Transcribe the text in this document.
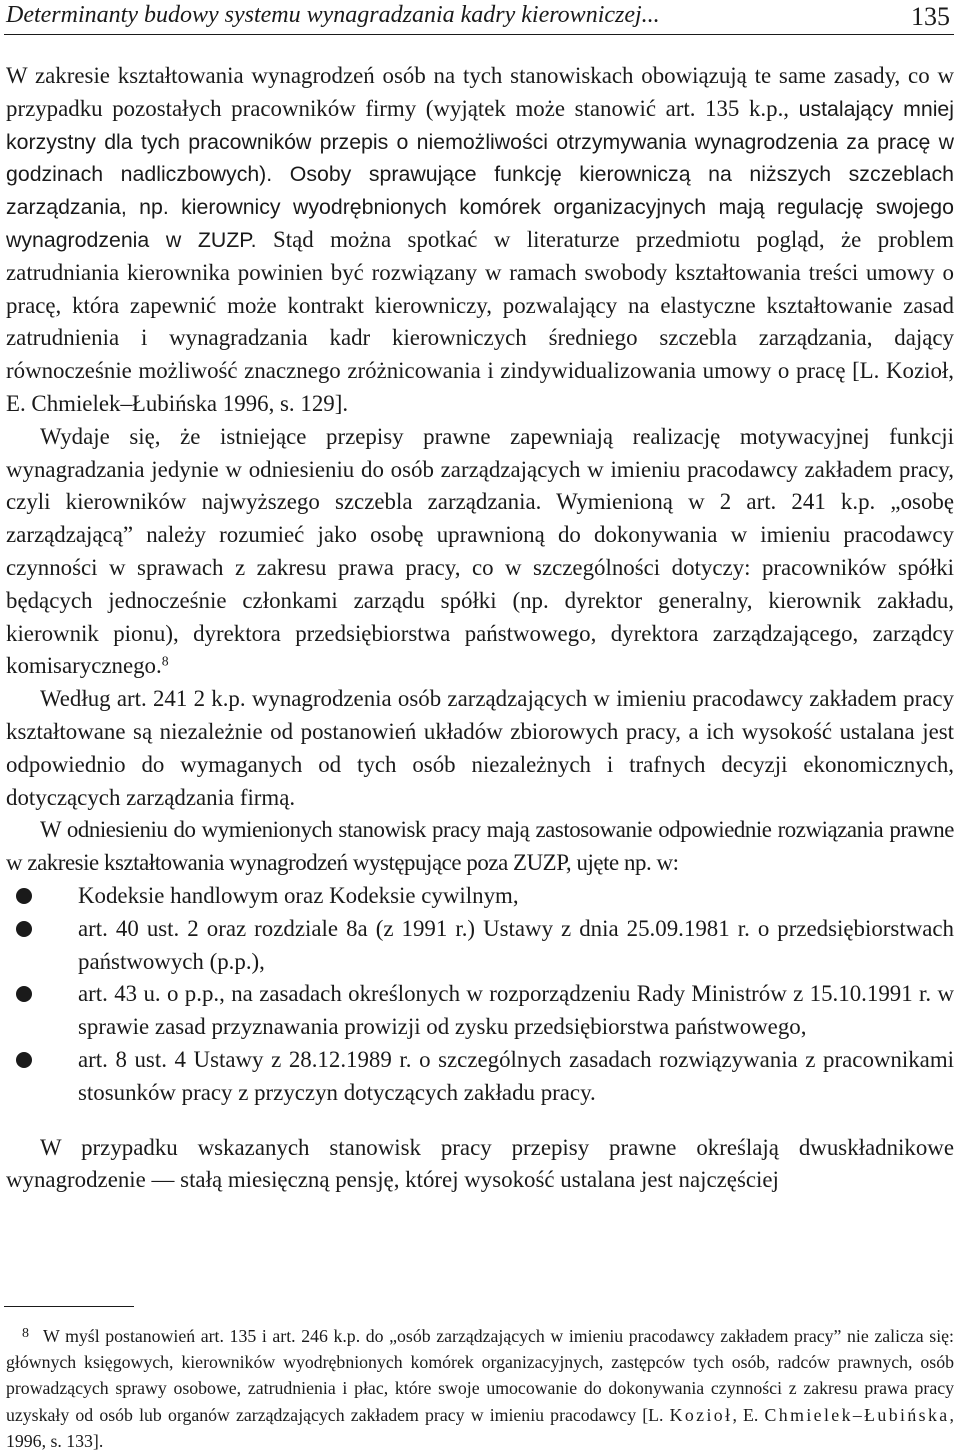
Determinanty budowy systemu wynagradzania kadry kierowniczej...	135

W zakresie kształtowania wynagrodzeń osób na tych stanowiskach obowiązują te same zasady, co w przypadku pozostałych pracowników firmy (wyjątek może stanowić art. 135 k.p., ustalający mniej korzystny dla tych pracowników przepis o niemożliwości otrzymywania wynagrodzenia za pracę w godzinach nadliczbowych). Osoby sprawujące funkcję kierowniczą na niższych szczeblach zarządzania, np. kierownicy wyodrębnionych komórek organizacyjnych mają regulację swojego wynagrodzenia w ZUZP. Stąd można spotkać w literaturze przedmiotu pogląd, że problem zatrudniania kierownika powinien być rozwiązany w ramach swobody kształtowania treści umowy o pracę, która zapewnić może kontrakt kierowniczy, pozwalający na elastyczne kształtowanie zasad zatrudnienia i wynagradzania kadr kierowniczych średniego szczebla zarządzania, dający równocześnie możliwość znacznego zróżnicowania i zindywidualizowania umowy o pracę [L. Kozioł, E. Chmielek–Łubińska 1996, s. 129].

Wydaje się, że istniejące przepisy prawne zapewniają realizację motywacyjnej funkcji wynagradzania jedynie w odniesieniu do osób zarządzających w imieniu pracodawcy zakładem pracy, czyli kierowników najwyższego szczebla zarządzania. Wymienioną w 2 art. 241 k.p. „osobę zarządzającą” należy rozumieć jako osobę uprawnioną do dokonywania w imieniu pracodawcy czynności w sprawach z zakresu prawa pracy, co w szczególności dotyczy: pracowników spółki będących jednocześnie członkami zarządu spółki (np. dyrektor generalny, kierownik zakładu, kierownik pionu), dyrektora przedsiębiorstwa państwowego, dyrektora zarządzającego, zarządcy komisarycznego.$^8$

Według art. 241 2 k.p. wynagrodzenia osób zarządzających w imieniu pracodawcy zakładem pracy kształtowane są niezależnie od postanowień układów zbiorowych pracy, a ich wysokość ustalana jest odpowiednio do wymaganych od tych osób niezależnych i trafnych decyzji ekonomicznych, dotyczących zarządzania firmą.

W odniesieniu do wymienionych stanowisk pracy mają zastosowanie odpowiednie rozwiązania prawne w zakresie kształtowania wynagrodzeń występujące poza ZUZP, ujęte np. w:

Kodeksie handlowym oraz Kodeksie cywilnym,
art. 40 ust. 2 oraz rozdziale 8a (z 1991 r.) Ustawy z dnia 25.09.1981 r. o przedsiębiorstwach państwowych (p.p.),
art. 43 u. o p.p., na zasadach określonych w rozporządzeniu Rady Ministrów z 15.10.1991 r. w sprawie zasad przyznawania prowizji od zysku przedsiębiorstwa państwowego,
art. 8 ust. 4 Ustawy z 28.12.1989 r. o szczególnych zasadach rozwiązywania z pracownikami stosunków pracy z przyczyn dotyczących zakładu pracy.

W przypadku wskazanych stanowisk pracy przepisy prawne określają dwuskładnikowe wynagrodzenie — stałą miesięczną pensję, której wysokość ustalana jest najczęściej

$^8$ W myśl postanowień art. 135 i art. 246 k.p. do „osób zarządzających w imieniu pracodawcy zakładem pracy” nie zalicza się: głównych księgowych, kierowników wyodrębnionych komórek organizacyjnych, zastępców tych osób, radców prawnych, osób prowadzących sprawy osobowe, zatrudnienia i płac, które swoje umocowanie do dokonywania czynności z zakresu prawa pracy uzyskały od osób lub organów zarządzających zakładem pracy w imieniu pracodawcy [L. Kozioł, E. Chmielek–Łubińska, 1996, s. 133].
